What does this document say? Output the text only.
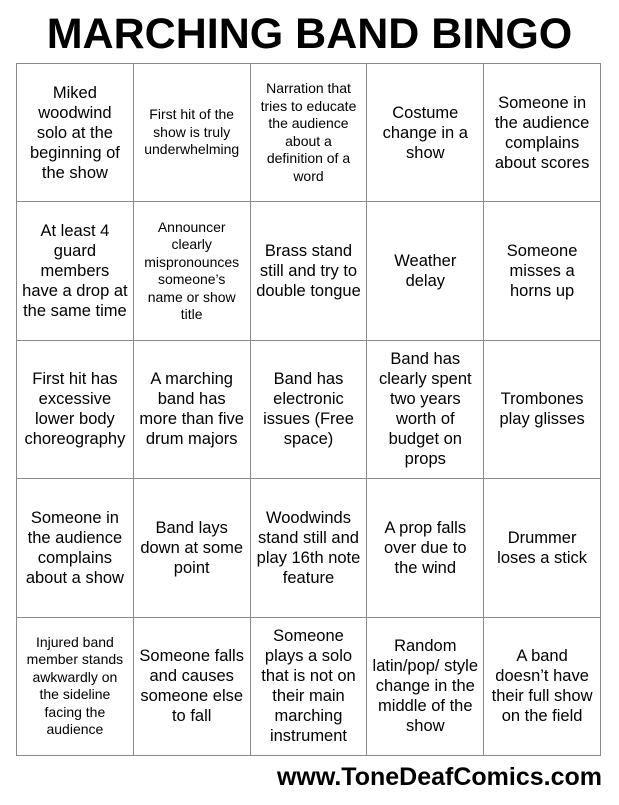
MARCHING BAND BINGO
Miked woodwind solo at the beginning of the show
First hit of the show is truly underwhelming
Narration that tries to educate the audience about a definition of a word
Costume change in a show
Someone in the audience complains about scores
At least 4 guard members have a drop at the same time
Announcer clearly mispronounces someone’s name or show title
Brass stand still and try to double tongue
Weather delay
Someone misses a horns up
First hit has excessive lower body choreography
A marching band has more than five drum majors
Band has electronic issues (Free space)
Band has clearly spent two years worth of budget on props
Trombones play glisses
Someone in the audience complains about a show
Band lays down at some point
Woodwinds stand still and play 16th note feature
A prop falls over due to the wind
Drummer loses a stick
Injured band member stands awkwardly on the sideline facing the audience
Someone falls and causes someone else to fall
Someone plays a solo that is not on their main marching instrument
Random latin/pop/ style change in the middle of the show
A band doesn’t have their full show on the field
www.ToneDeafComics.com
